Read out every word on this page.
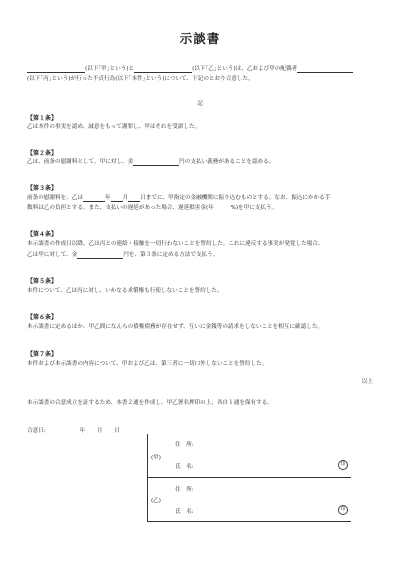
示談書
(以下｢甲｣という)と	(以下｢乙｣という)は、乙および甲の配偶者
(以下｢丙｣という)が行った不貞行為(以下｢本件｣という)について、下記のとおり合意した。
記
【第１条】
乙は本件の事実を認め、誠意をもって謝罪し、甲はそれを受諾した。
【第２条】
乙は、前条の慰謝料として、甲に対し、金	円の支払い義務があることを認める。
【第３条】
前条の慰謝料を、乙は	年 月 日までに、甲指定の金融機関に振り込むものとする。なお、振込にかかる手
数料は乙の負担とする。また、支払いの遅延があった場合、遅延損害金(年　　　%)を甲に支払う。
【第４条】
本示談書の作成日以降、乙は丙との連絡・接触を一切行わないことを誓約した。これに違反する事実が発覚した場合、
乙は甲に対して、金	円を、第３条に定める方法で支払う。
【第５条】
本件について、乙は丙に対し、いかなる求償権も行使しないことを誓約した。
【第６条】
本示談書に定めるほか、甲乙間になんらの債権債務が存在せず、互いに金銭等の請求をしないことを相互に確認した。
【第７条】
本件および本示談書の内容について、甲および乙は、第三者に一切口外しないことを誓約した。
以上
本示談書の合意成立を証するため、本書２通を作成し、甲乙署名押印の上、各自１通を保有する。
合意日:	年 月 日
(甲)
住　所:
氏　名:	印
(乙)
住　所:
氏　名:	印
